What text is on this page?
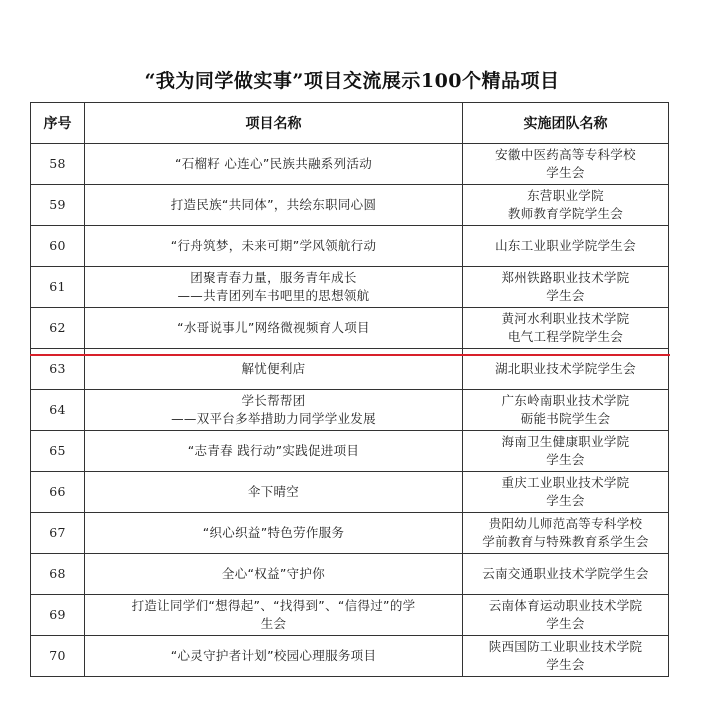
“我为同学做实事”项目交流展示100个精品项目
序号	项目名称	实施团队名称
58	“石榴籽 心连心”民族共融系列活动	安徽中医药高等专科学校
学生会

59	打造民族“共同体”，共绘东职同心圆	东营职业学院
教师教育学院学生会

60	“行舟筑梦，未来可期”学风领航行动	山东工业职业学院学生会

61	团聚青春力量，服务青年成长
——共青团列车书吧里的思想领航	郑州铁路职业技术学院
学生会

62	“水哥说事儿”网络微视频育人项目	黄河水利职业技术学院
电气工程学院学生会

63	解忧便利店	湖北职业技术学院学生会

64	学长帮帮团
——双平台多举措助力同学学业发展	广东岭南职业技术学院
砺能书院学生会

65	“志青春 践行动”实践促进项目	海南卫生健康职业学院
学生会

66	伞下晴空	重庆工业职业技术学院
学生会

67	“织心织益”特色劳作服务	贵阳幼儿师范高等专科学校
学前教育与特殊教育系学生会

68	全心“权益”守护你	云南交通职业技术学院学生会

69	打造让同学们“想得起”、“找得到”、“信得过”的学
生会	云南体育运动职业技术学院
学生会

70	“心灵守护者计划”校园心理服务项目	陕西国防工业职业技术学院
学生会
